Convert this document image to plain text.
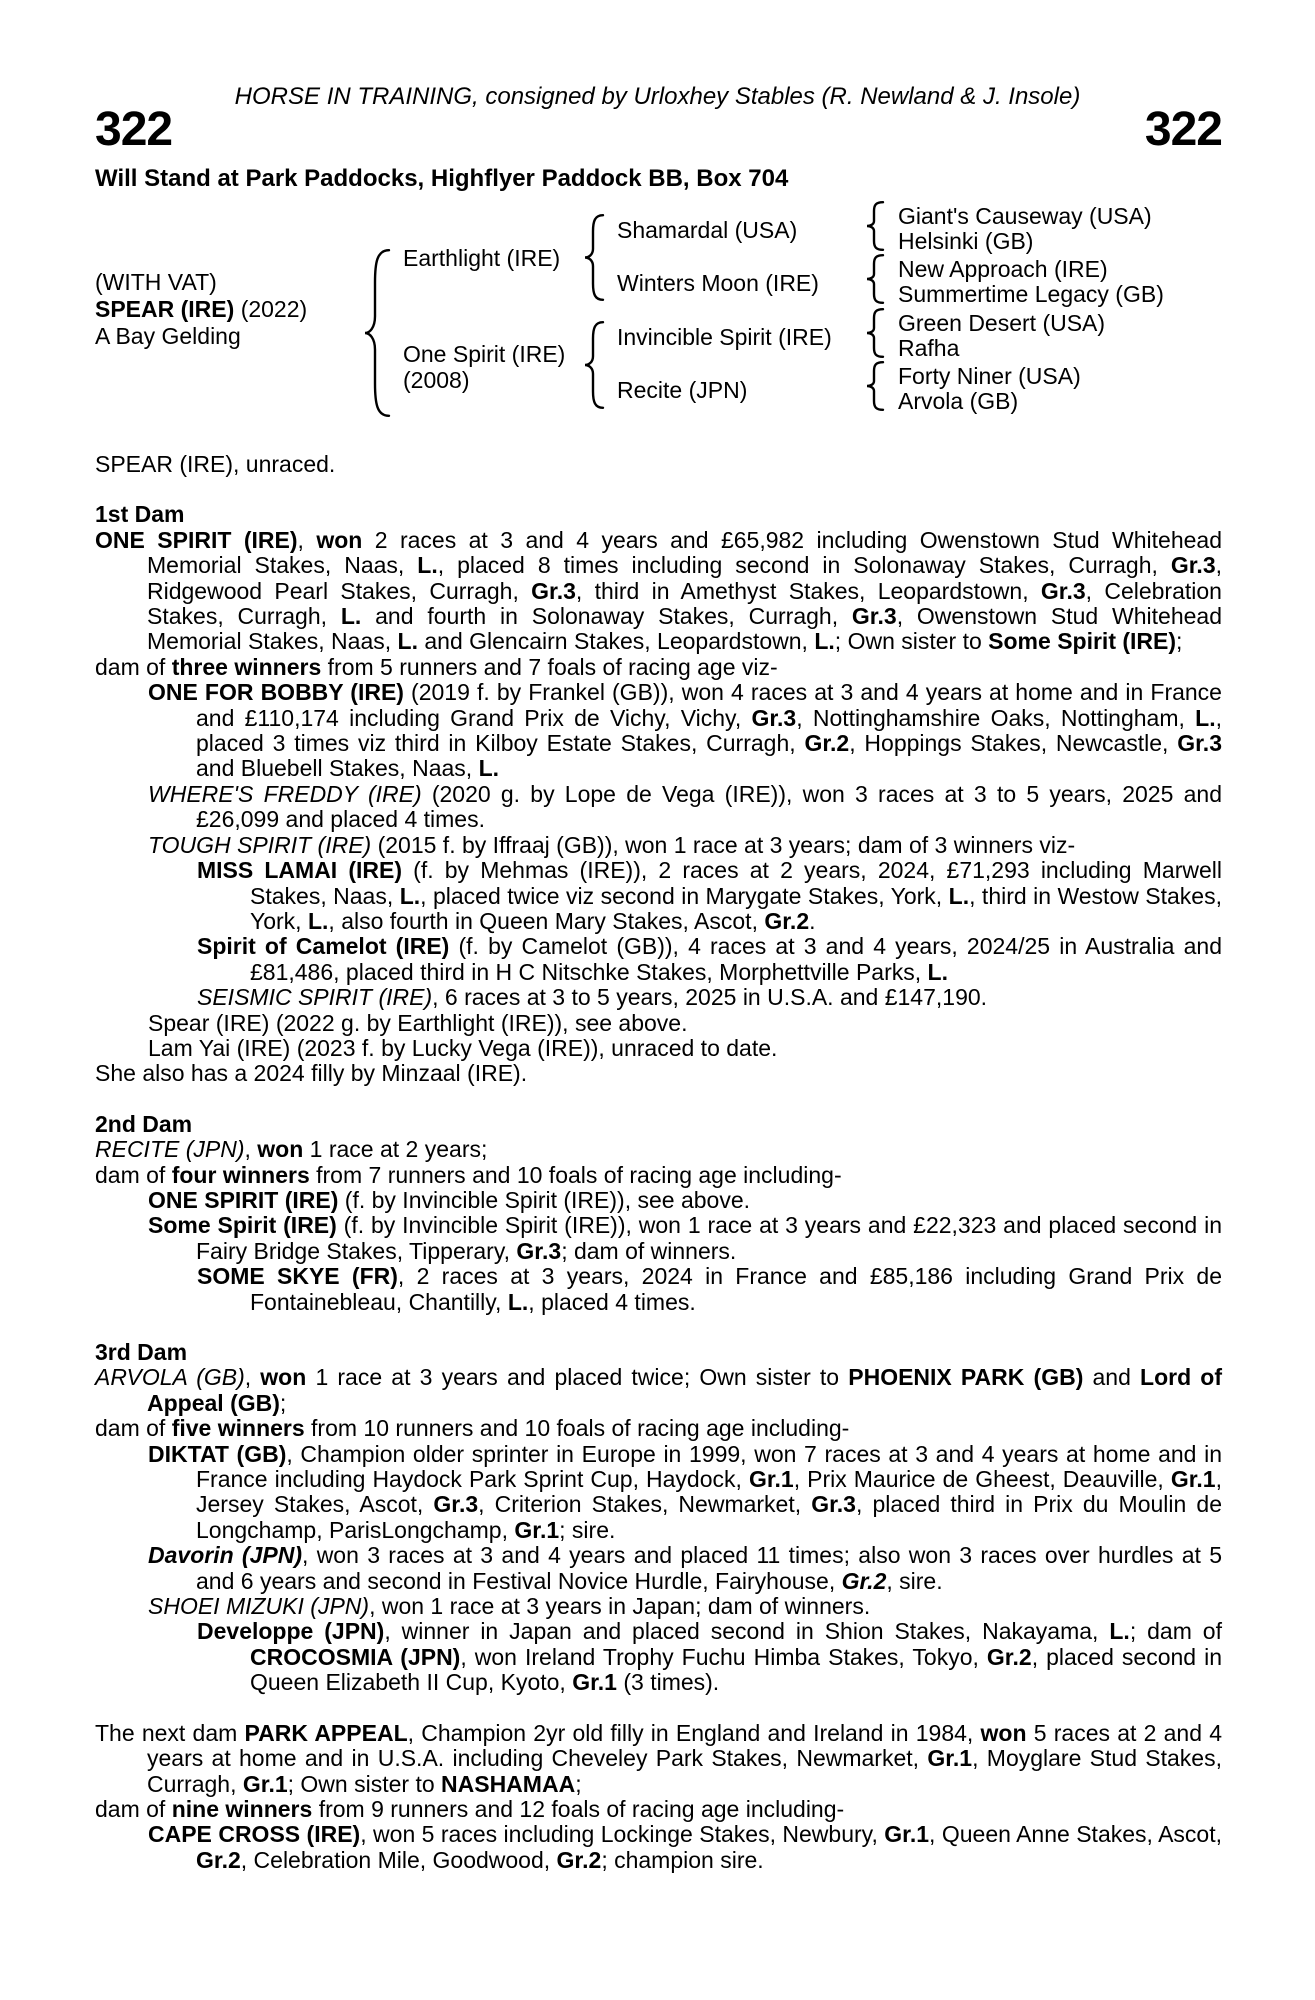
HORSE IN TRAINING, consigned by Urloxhey Stables (R. Newland & J. Insole)
322	322
Will Stand at Park Paddocks, Highflyer Paddock BB, Box 704
(WITH VAT)
SPEAR (IRE) (2022)
A Bay Gelding
Earthlight (IRE)
One Spirit (IRE)
(2008)
Shamardal (USA)
Winters Moon (IRE)
Invincible Spirit (IRE)
Recite (JPN)
Giant's Causeway (USA)
Helsinki (GB)
New Approach (IRE)
Summertime Legacy (GB)
Green Desert (USA)
Rafha
Forty Niner (USA)
Arvola (GB)

SPEAR (IRE), unraced.

1st Dam

ONE SPIRIT (IRE), won 2 races at 3 and 4 years and £65,982 including Owenstown Stud Whitehead Memorial Stakes, Naas, L., placed 8 times including second in Solonaway Stakes, Curragh, Gr.3, Ridgewood Pearl Stakes, Curragh, Gr.3, third in Amethyst Stakes, Leopardstown, Gr.3, Celebration Stakes, Curragh, L. and fourth in Solonaway Stakes, Curragh, Gr.3, Owenstown Stud Whitehead Memorial Stakes, Naas, L. and Glencairn Stakes, Leopardstown, L.; Own sister to Some Spirit (IRE);

dam of three winners from 5 runners and 7 foals of racing age viz-

ONE FOR BOBBY (IRE) (2019 f. by Frankel (GB)), won 4 races at 3 and 4 years at home and in France and £110,174 including Grand Prix de Vichy, Vichy, Gr.3, Nottinghamshire Oaks, Nottingham, L., placed 3 times viz third in Kilboy Estate Stakes, Curragh, Gr.2, Hoppings Stakes, Newcastle, Gr.3 and Bluebell Stakes, Naas, L.

WHERE'S FREDDY (IRE) (2020 g. by Lope de Vega (IRE)), won 3 races at 3 to 5 years, 2025 and £26,099 and placed 4 times.

TOUGH SPIRIT (IRE) (2015 f. by Iffraaj (GB)), won 1 race at 3 years; dam of 3 winners viz-

MISS LAMAI (IRE) (f. by Mehmas (IRE)), 2 races at 2 years, 2024, £71,293 including Marwell Stakes, Naas, L., placed twice viz second in Marygate Stakes, York, L., third in Westow Stakes, York, L., also fourth in Queen Mary Stakes, Ascot, Gr.2.

Spirit of Camelot (IRE) (f. by Camelot (GB)), 4 races at 3 and 4 years, 2024/25 in Australia and £81,486, placed third in H C Nitschke Stakes, Morphettville Parks, L.

SEISMIC SPIRIT (IRE), 6 races at 3 to 5 years, 2025 in U.S.A. and £147,190.

Spear (IRE) (2022 g. by Earthlight (IRE)), see above.

Lam Yai (IRE) (2023 f. by Lucky Vega (IRE)), unraced to date.

She also has a 2024 filly by Minzaal (IRE).

2nd Dam

RECITE (JPN), won 1 race at 2 years;

dam of four winners from 7 runners and 10 foals of racing age including-

ONE SPIRIT (IRE) (f. by Invincible Spirit (IRE)), see above.

Some Spirit (IRE) (f. by Invincible Spirit (IRE)), won 1 race at 3 years and £22,323 and placed second in Fairy Bridge Stakes, Tipperary, Gr.3; dam of winners.

SOME SKYE (FR), 2 races at 3 years, 2024 in France and £85,186 including Grand Prix de Fontainebleau, Chantilly, L., placed 4 times.

3rd Dam

ARVOLA (GB), won 1 race at 3 years and placed twice; Own sister to PHOENIX PARK (GB) and Lord of Appeal (GB);

dam of five winners from 10 runners and 10 foals of racing age including-

DIKTAT (GB), Champion older sprinter in Europe in 1999, won 7 races at 3 and 4 years at home and in France including Haydock Park Sprint Cup, Haydock, Gr.1, Prix Maurice de Gheest, Deauville, Gr.1, Jersey Stakes, Ascot, Gr.3, Criterion Stakes, Newmarket, Gr.3, placed third in Prix du Moulin de Longchamp, ParisLongchamp, Gr.1; sire.

Davorin (JPN), won 3 races at 3 and 4 years and placed 11 times; also won 3 races over hurdles at 5 and 6 years and second in Festival Novice Hurdle, Fairyhouse, Gr.2, sire.

SHOEI MIZUKI (JPN), won 1 race at 3 years in Japan; dam of winners.

Developpe (JPN), winner in Japan and placed second in Shion Stakes, Nakayama, L.; dam of CROCOSMIA (JPN), won Ireland Trophy Fuchu Himba Stakes, Tokyo, Gr.2, placed second in Queen Elizabeth II Cup, Kyoto, Gr.1 (3 times).

The next dam PARK APPEAL, Champion 2yr old filly in England and Ireland in 1984, won 5 races at 2 and 4 years at home and in U.S.A. including Cheveley Park Stakes, Newmarket, Gr.1, Moyglare Stud Stakes, Curragh, Gr.1; Own sister to NASHAMAA;

dam of nine winners from 9 runners and 12 foals of racing age including-

CAPE CROSS (IRE), won 5 races including Lockinge Stakes, Newbury, Gr.1, Queen Anne Stakes, Ascot, Gr.2, Celebration Mile, Goodwood, Gr.2; champion sire.
